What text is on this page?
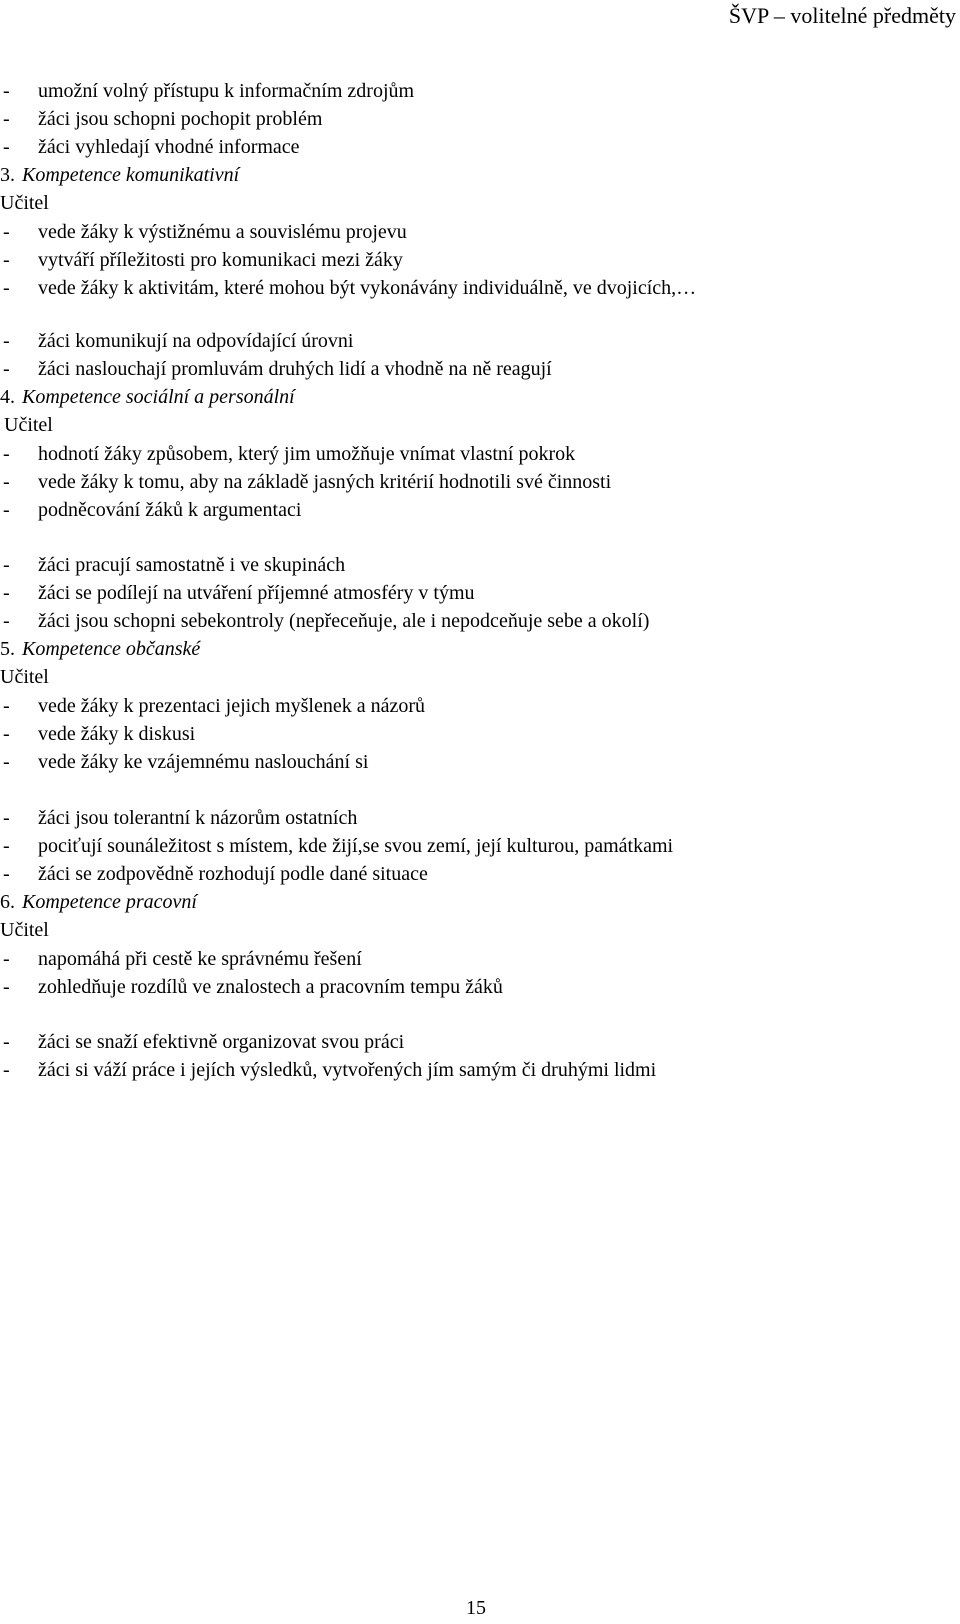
ŠVP – volitelné předměty
- umožní volný přístupu k informačním zdrojům
- žáci jsou schopni pochopit problém
- žáci vyhledají vhodné informace
3. Kompetence komunikativní
Učitel
- vede žáky k výstižnému a souvislému projevu
- vytváří příležitosti pro komunikaci mezi žáky
- vede žáky k aktivitám, které mohou být vykonávány individuálně, ve dvojicích,…
- žáci komunikují na odpovídající úrovni
- žáci naslouchají promluvám druhých lidí a vhodně na ně reagují
4. Kompetence sociální a personální
Učitel
- hodnotí žáky způsobem, který jim umožňuje vnímat vlastní pokrok
- vede žáky k tomu, aby na základě jasných kritérií hodnotili své činnosti
- podněcování žáků k argumentaci
- žáci pracují samostatně i ve skupinách
- žáci se podílejí na utváření příjemné atmosféry v týmu
- žáci jsou schopni sebekontroly (nepřeceňuje, ale i nepodceňuje sebe a okolí)
5. Kompetence občanské
Učitel
- vede žáky k prezentaci jejich myšlenek a názorů
- vede žáky k diskusi
- vede žáky ke vzájemnému naslouchání si
- žáci jsou tolerantní k názorům ostatních
- pociťují sounáležitost s místem, kde žijí,se svou zemí, její kulturou, památkami
- žáci se zodpovědně rozhodují podle dané situace
6. Kompetence pracovní
Učitel
- napomáhá při cestě ke správnému řešení
- zohledňuje rozdílů ve znalostech a pracovním tempu žáků
- žáci se snaží efektivně organizovat svou práci
- žáci si váží práce i jejích výsledků, vytvořených jím samým či druhými lidmi
15
